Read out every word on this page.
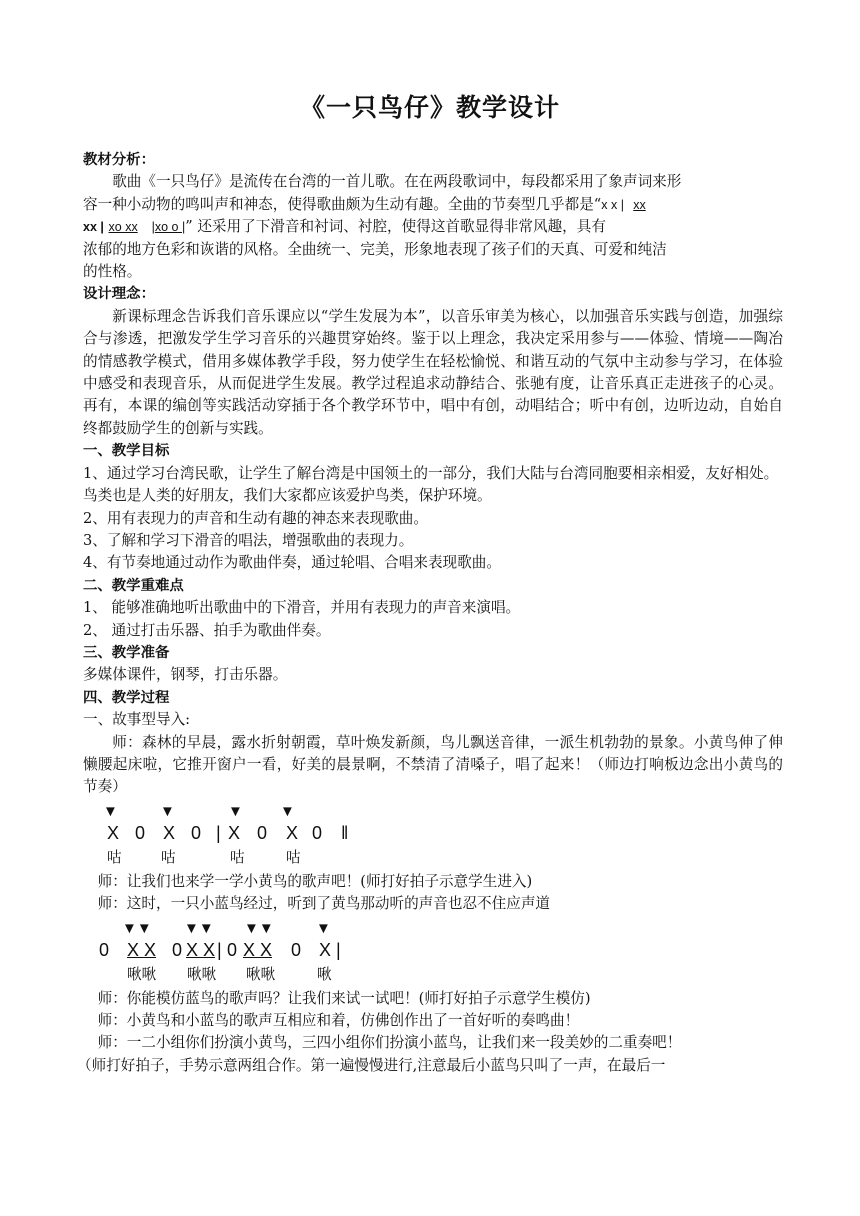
《一只鸟仔》教学设计

教材分析：

歌曲《一只鸟仔》是流传在台湾的一首儿歌。在在两段歌词中，每段都采用了象声词来形

容一种小动物的鸣叫声和神态，使得歌曲颇为生动有趣。全曲的节奏型几乎都是“x x | xx

xx | xo xx |xo o |” 还采用了下滑音和衬词、衬腔，使得这首歌显得非常风趣，具有

浓郁的地方色彩和诙谐的风格。全曲统一、完美，形象地表现了孩子们的天真、可爱和纯洁

的性格。

设计理念：

新课标理念告诉我们音乐课应以“学生发展为本”，以音乐审美为核心，以加强音乐实践与创造，加强综合与渗透，把激发学生学习音乐的兴趣贯穿始终。鉴于以上理念，我决定采用参与——体验、情境——陶冶的情感教学模式，借用多媒体教学手段，努力使学生在轻松愉悦、和谐互动的气氛中主动参与学习，在体验中感受和表现音乐，从而促进学生发展。教学过程追求动静结合、张驰有度，让音乐真正走进孩子的心灵。再有，本课的编创等实践活动穿插于各个教学环节中，唱中有创，动唱结合；听中有创，边听边动，自始自终都鼓励学生的创新与实践。

一、教学目标

1、通过学习台湾民歌，让学生了解台湾是中国领土的一部分，我们大陆与台湾同胞要相亲相爱，友好相处。鸟类也是人类的好朋友，我们大家都应该爱护鸟类，保护环境。

2、用有表现力的声音和生动有趣的神态来表现歌曲。

3、了解和学习下滑音的唱法，增强歌曲的表现力。

4、有节奏地通过动作为歌曲伴奏，通过轮唱、合唱来表现歌曲。

二、教学重难点

1、 能够准确地听出歌曲中的下滑音，并用有表现力的声音来演唱。

2、 通过打击乐器、拍手为歌曲伴奏。

三、教学准备

多媒体课件，钢琴，打击乐器。

四、教学过程

一、故事型导入:

师：森林的早晨，露水折射朝霞，草叶焕发新颜，鸟儿飘送音律，一派生机勃勃的景象。小黄鸟伸了伸懒腰起床啦，它推开窗户一看，好美的晨景啊，不禁清了清嗓子，唱了起来！（师边打响板边念出小黄鸟的节奏）

▼	▼	▼ ▼
X 0 X 0 | X 0 X 0 ‖
咕	咕	咕	咕

师：让我们也来学一学小黄鸟的歌声吧！(师打好拍子示意学生进入)

师：这时，一只小蓝鸟经过，听到了黄鸟那动听的声音也忍不住应声道

▼▼ ▼▼ ▼▼	▼
0 X X 0 X X | 0 X X 0 X |
啾啾 啾啾 啾啾	啾

师：你能模仿蓝鸟的歌声吗？让我们来试一试吧！(师打好拍子示意学生模仿)

师：小黄鸟和小蓝鸟的歌声互相应和着，仿佛创作出了一首好听的奏鸣曲！

师：一二小组你们扮演小黄鸟，三四小组你们扮演小蓝鸟，让我们来一段美妙的二重奏吧！

（师打好拍子，手势示意两组合作。第一遍慢慢进行,注意最后小蓝鸟只叫了一声，在最后一
